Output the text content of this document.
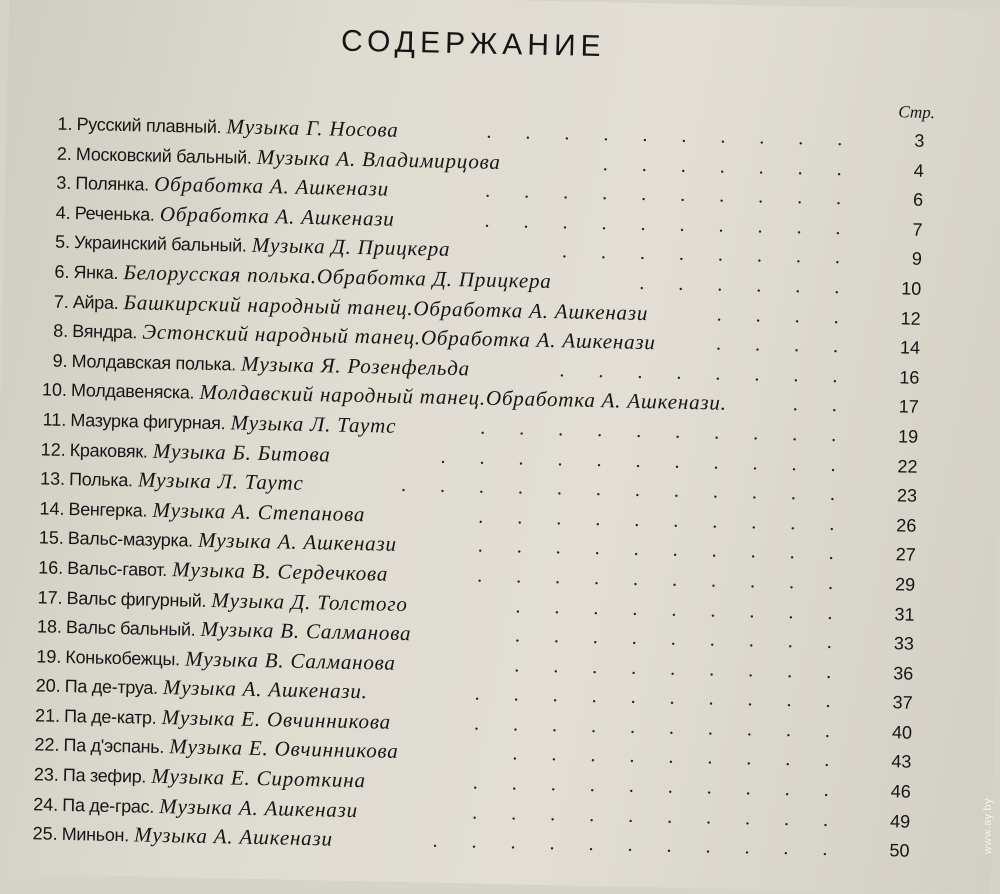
СОДЕРЖАНИЕ
Стр.
1. Русский плавный. Музыка Г. Носова	..........	3
2. Московский бальный. Музыка А. Владимирцова	.......	4
3. Полянка. Обработка А. Ашкенази	..........	6
4. Реченька. Обработка А. Ашкенази	..........	7
5. Украинский бальный. Музыка Д. Прицкера	........	9
6. Янка. Белорусская полька.Обработка Д. Прицкера	......	10
7. Айра. Башкирский народный танец.Обработка А. Ашкенази	....	12
8. Вяндра. Эстонский народный танец.Обработка А. Ашкенази	....	14
9. Молдавская полька. Музыка Я. Розенфельда	........	16
10. Молдавеняска. Молдавский народный танец.Обработка А. Ашкенази.	..	17
11. Мазурка фигурная. Музыка Л. Таутс	..........	19
12. Краковяк. Музыка Б. Битова	...........	22
13. Полька. Музыка Л. Таутс	............	23
14. Венгерка. Музыка А. Степанова	..........	26
15. Вальс-мазурка. Музыка А. Ашкенази	..........	27
16. Вальс-гавот. Музыка В. Сердечкова	..........	29
17. Вальс фигурный. Музыка Д. Толстого	.........	31
18. Вальс бальный. Музыка В. Салманова	.........	33
19. Конькобежцы. Музыка В. Салманова	.........	36
20. Па де-труа. Музыка А. Ашкенази.	..........	37
21. Па де-катр. Музыка Е. Овчинникова	..........	40
22. Па д'эспань. Музыка Е. Овчинникова	.........	43
23. Па зефир. Музыка Е. Сироткина	..........	46
24. Па де-грас. Музыка А. Ашкенази	..........	49
25. Миньон. Музыка А. Ашкенази	...........	50	www.ay.by
